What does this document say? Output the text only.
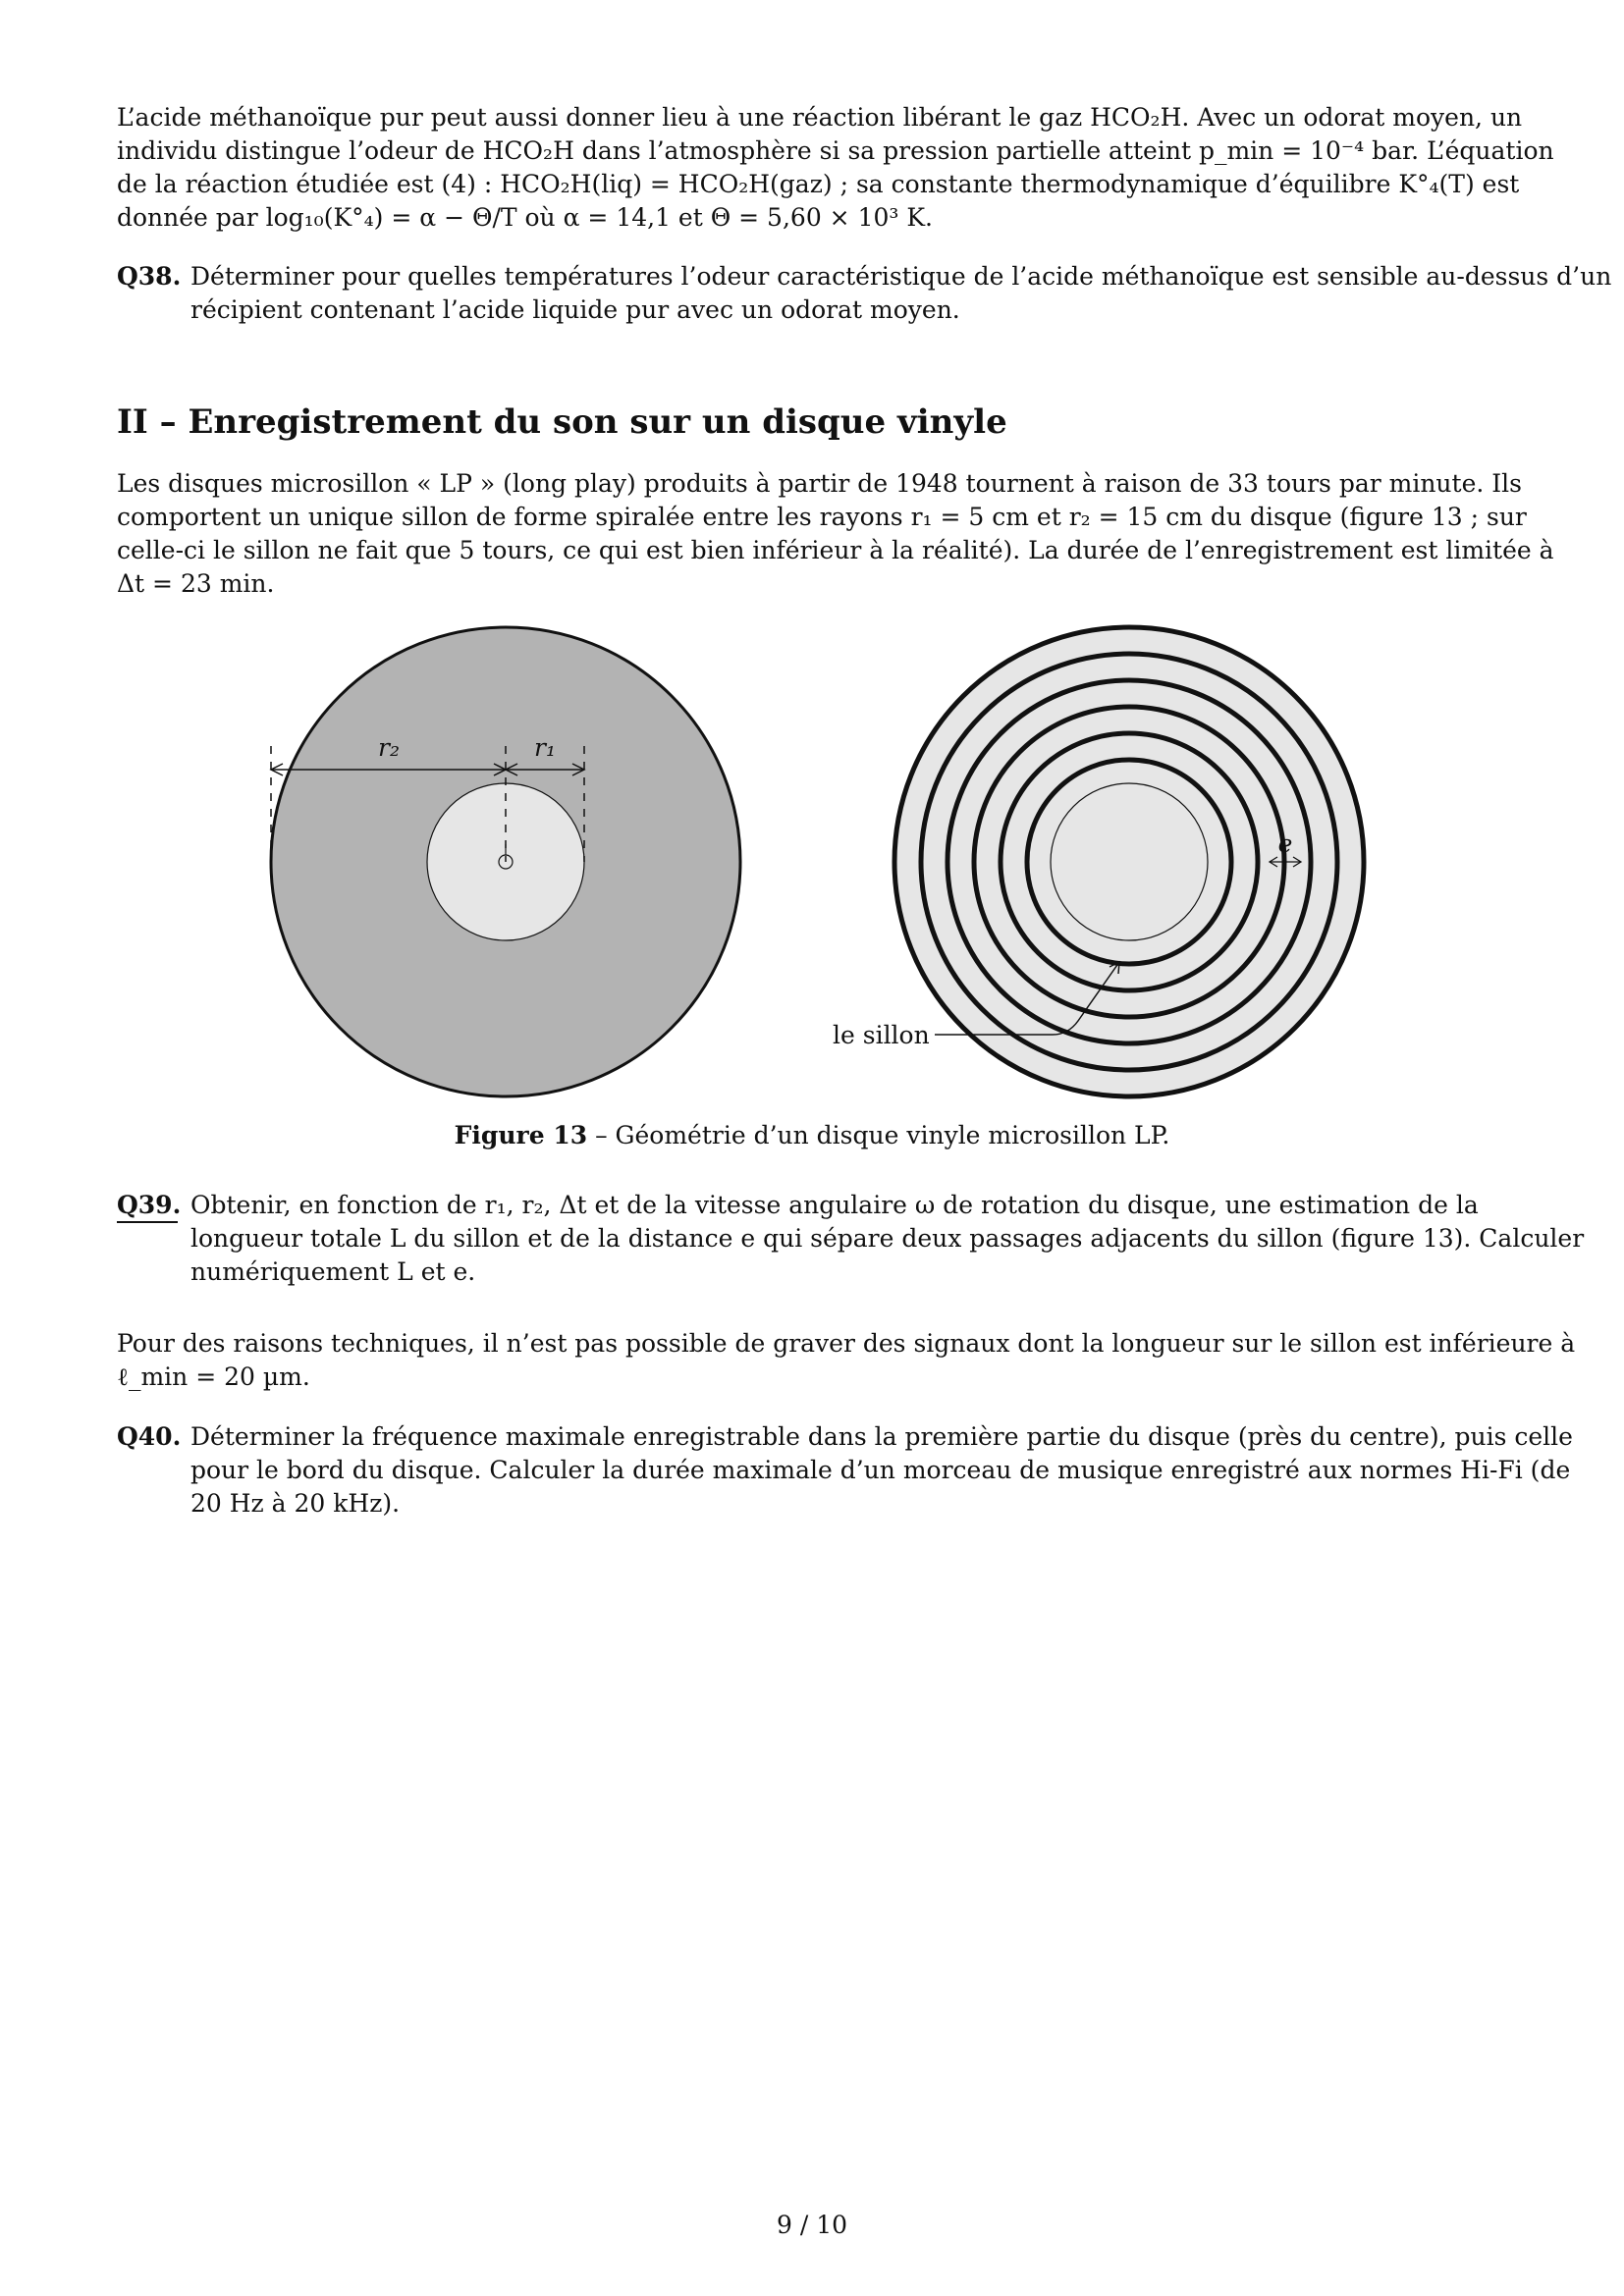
L’acide méthanoïque pur peut aussi donner lieu à une réaction libérant le gaz HCO₂H. Avec un odorat moyen, un
individu distingue l’odeur de HCO₂H dans l’atmosphère si sa pression partielle atteint p_min = 10⁻⁴ bar. L’équation
de la réaction étudiée est (4) : HCO₂H(liq) = HCO₂H(gaz) ; sa constante thermodynamique d’équilibre K°₄(T) est
donnée par log₁₀(K°₄) = α − Θ/T où α = 14,1 et Θ = 5,60 × 10³ K.
Q38. Déterminer pour quelles températures l’odeur caractéristique de l’acide méthanoïque est sensible au-dessus d’un
récipient contenant l’acide liquide pur avec un odorat moyen.
II – Enregistrement du son sur un disque vinyle
Les disques microsillon « LP » (long play) produits à partir de 1948 tournent à raison de 33 tours par minute. Ils
comportent un unique sillon de forme spiralée entre les rayons r₁ = 5 cm et r₂ = 15 cm du disque (figure 13 ; sur
celle-ci le sillon ne fait que 5 tours, ce qui est bien inférieur à la réalité). La durée de l’enregistrement est limitée à
Δt = 23 min.
r₂	r₁
e
le sillon
Figure 13 – Géométrie d’un disque vinyle microsillon LP.
Q39. Obtenir, en fonction de r₁, r₂, Δt et de la vitesse angulaire ω de rotation du disque, une estimation de la
longueur totale L du sillon et de la distance e qui sépare deux passages adjacents du sillon (figure 13). Calculer
numériquement L et e.
Pour des raisons techniques, il n’est pas possible de graver des signaux dont la longueur sur le sillon est inférieure à
ℓ_min = 20 µm.
Q40. Déterminer la fréquence maximale enregistrable dans la première partie du disque (près du centre), puis celle
pour le bord du disque. Calculer la durée maximale d’un morceau de musique enregistré aux normes Hi-Fi (de
20 Hz à 20 kHz).
9 / 10
